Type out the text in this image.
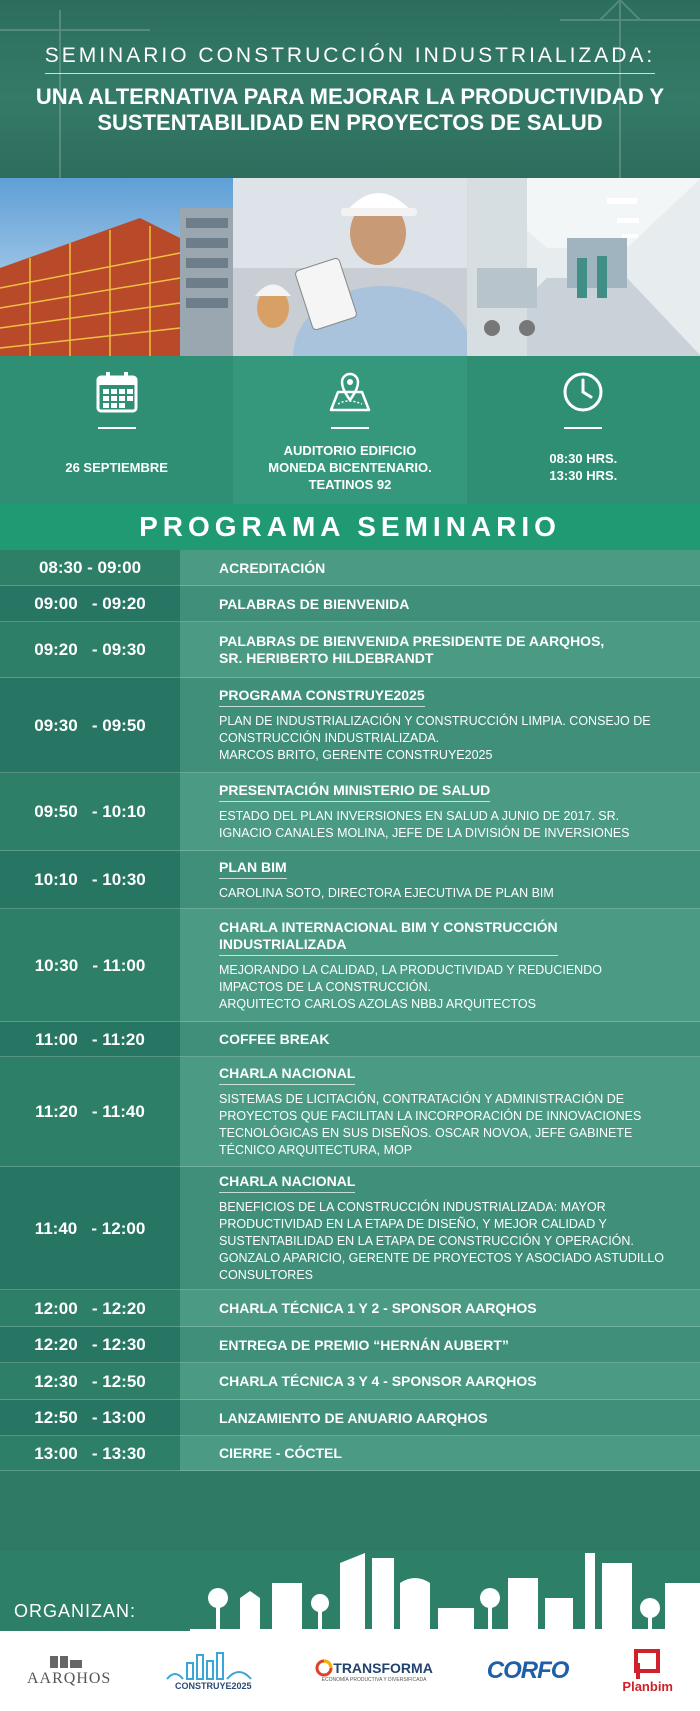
SEMINARIO CONSTRUCCIÓN INDUSTRIALIZADA:
UNA ALTERNATIVA PARA MEJORAR LA PRODUCTIVIDAD Y
SUSTENTABILIDAD EN PROYECTOS DE SALUD
26 SEPTIEMBRE
AUDITORIO EDIFICIO
MONEDA BICENTENARIO.
TEATINOS 92
08:30 HRS.
13:30 HRS.
PROGRAMA SEMINARIO
08:30 - 09:00	ACREDITACIÓN
09:00   - 09:20	PALABRAS DE BIENVENIDA
09:20   - 09:30	PALABRAS DE BIENVENIDA PRESIDENTE DE AARQHOS,
SR. HERIBERTO HILDEBRANDT
09:30   - 09:50
PROGRAMA CONSTRUYE2025
PLAN DE INDUSTRIALIZACIÓN Y CONSTRUCCIÓN LIMPIA. CONSEJO DE
CONSTRUCCIÓN INDUSTRIALIZADA.
MARCOS BRITO, GERENTE CONSTRUYE2025
09:50   - 10:10
PRESENTACIÓN MINISTERIO DE SALUD
ESTADO DEL PLAN INVERSIONES EN SALUD A JUNIO DE 2017. SR.
IGNACIO CANALES MOLINA, JEFE DE LA DIVISIÓN DE INVERSIONES
10:10   - 10:30
PLAN BIM
CAROLINA SOTO, DIRECTORA EJECUTIVA DE PLAN BIM
10:30   - 11:00
CHARLA INTERNACIONAL BIM Y CONSTRUCCIÓN
INDUSTRIALIZADA
MEJORANDO LA CALIDAD, LA PRODUCTIVIDAD Y REDUCIENDO
IMPACTOS DE LA CONSTRUCCIÓN.
ARQUITECTO CARLOS AZOLAS NBBJ ARQUITECTOS
11:00   - 11:20	COFFEE BREAK
11:20   - 11:40
CHARLA NACIONAL
SISTEMAS DE LICITACIÓN, CONTRATACIÓN Y ADMINISTRACIÓN DE
PROYECTOS QUE FACILITAN LA INCORPORACIÓN DE INNOVACIONES
TECNOLÓGICAS EN SUS DISEÑOS. OSCAR NOVOA, JEFE GABINETE
TÉCNICO ARQUITECTURA, MOP
11:40   - 12:00
CHARLA NACIONAL
BENEFICIOS DE LA CONSTRUCCIÓN INDUSTRIALIZADA: MAYOR
PRODUCTIVIDAD EN LA ETAPA DE DISEÑO, Y MEJOR CALIDAD Y
SUSTENTABILIDAD EN LA ETAPA DE CONSTRUCCIÓN Y OPERACIÓN.
GONZALO APARICIO, GERENTE DE PROYECTOS Y ASOCIADO ASTUDILLO
CONSULTORES
12:00   - 12:20	CHARLA TÉCNICA 1 Y 2 - SPONSOR AARQHOS
12:20   - 12:30	ENTREGA DE PREMIO “HERNÁN AUBERT”
12:30   - 12:50	CHARLA TÉCNICA 3 Y 4 - SPONSOR AARQHOS
12:50   - 13:00	LANZAMIENTO DE ANUARIO AARQHOS
13:00   - 13:30	CIERRE - CÓCTEL
ORGANIZAN:
AARQHOS	CONSTRUYE2025
TRANSFORMA
ECONOMÍA PRODUCTIVA Y DIVERSIFICADA	CORFO
Planbim
